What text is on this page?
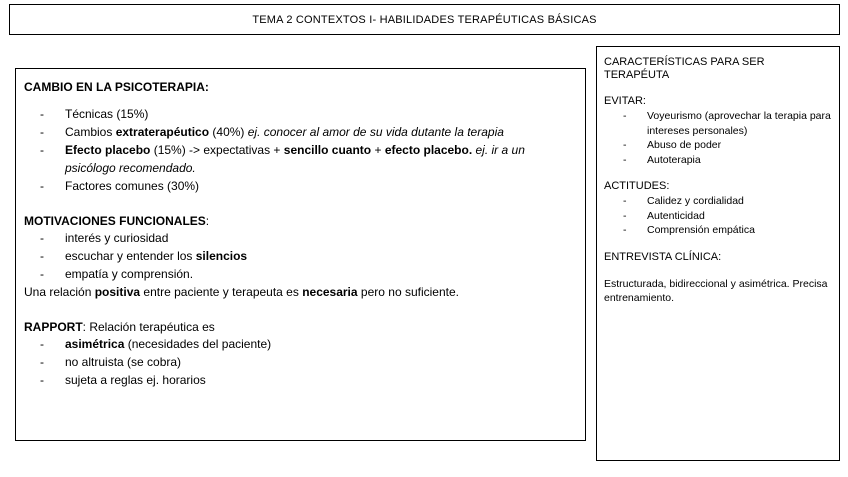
TEMA 2 CONTEXTOS I- HABILIDADES TERAPÉUTICAS BÁSICAS
CAMBIO EN LA PSICOTERAPIA:
- Técnicas (15%)
- Cambios extraterapéutico (40%) ej. conocer al amor de su vida dutante la terapia
- Efecto placebo (15%) -> expectativas + sencillo cuanto + efecto placebo. ej. ir a un psicólogo recomendado.
- Factores comunes (30%)
MOTIVACIONES FUNCIONALES:
- interés y curiosidad
- escuchar y entender los silencios
- empatía y comprensión.
Una relación positiva entre paciente y terapeuta es necesaria pero no suficiente.
RAPPORT: Relación terapéutica es
- asimétrica (necesidades del paciente)
- no altruista (se cobra)
- sujeta a reglas ej. horarios
CARACTERÍSTICAS PARA SER TERAPÉUTA
EVITAR:
- Voyeurismo (aprovechar la terapia para intereses personales)
- Abuso de poder
- Autoterapia
ACTITUDES:
- Calidez y cordialidad
- Autenticidad
- Comprensión empática
ENTREVISTA CLÍNICA:
Estructurada, bidireccional y asimétrica. Precisa entrenamiento.
